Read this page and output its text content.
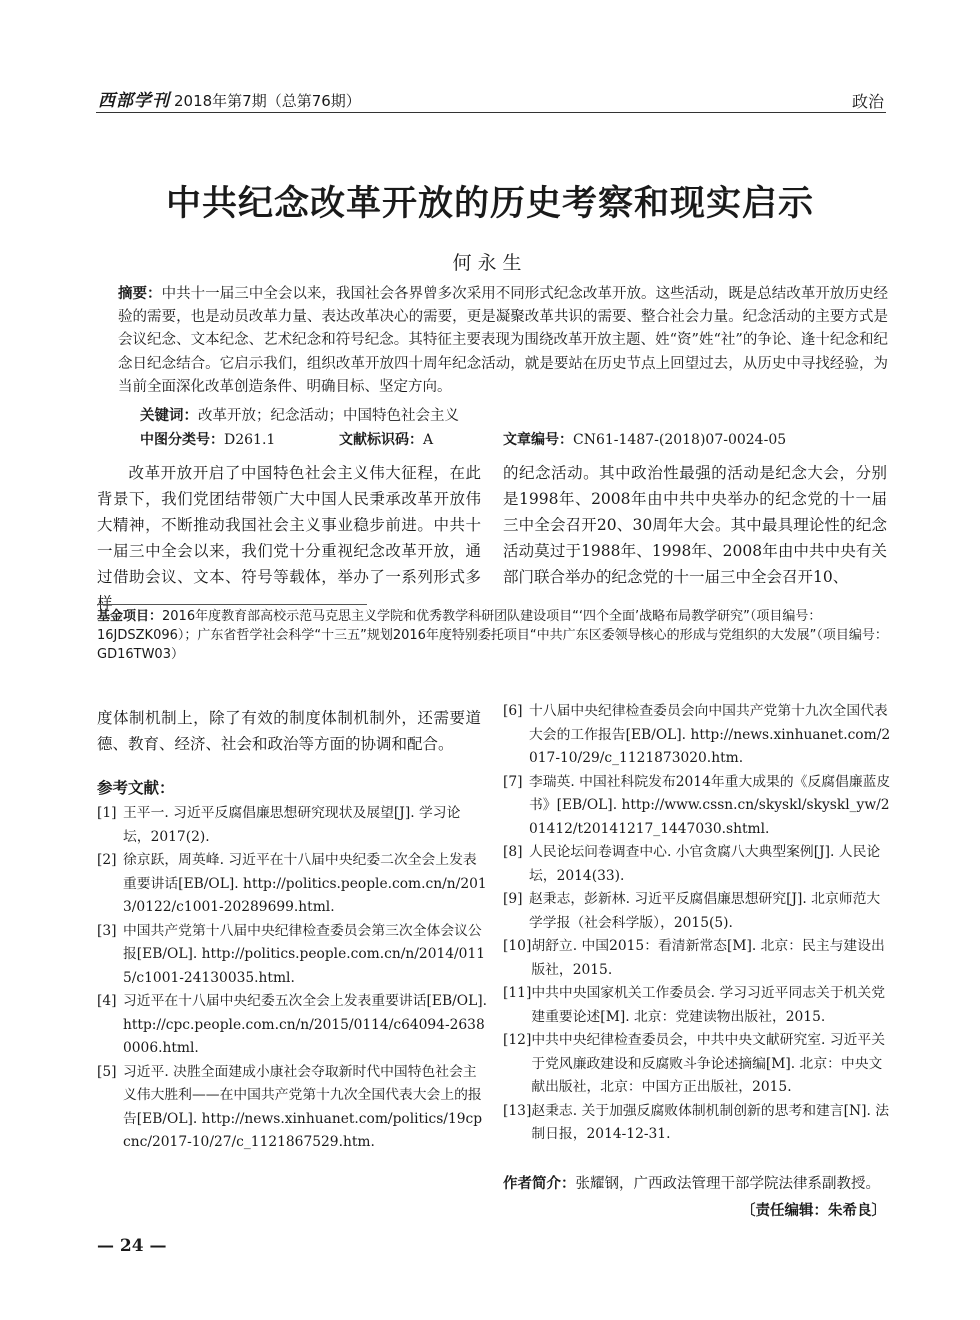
西部学刊 2018年第7期（总第76期）	政治
中共纪念改革开放的历史考察和现实启示
何永生
摘要：中共十一届三中全会以来，我国社会各界曾多次采用不同形式纪念改革开放。这些活动，既是总结改革开放历史经验的需要，也是动员改革力量、表达改革决心的需要，更是凝聚改革共识的需要、整合社会力量。纪念活动的主要方式是会议纪念、文本纪念、艺术纪念和符号纪念。其特征主要表现为围绕改革开放主题、姓“资”姓“社”的争论、逢十纪念和纪念日纪念结合。它启示我们，组织改革开放四十周年纪念活动，就是要站在历史节点上回望过去，从历史中寻找经验，为当前全面深化改革创造条件、明确目标、坚定方向。
关键词：改革开放；纪念活动；中国特色社会主义
中图分类号：D261.1	文献标识码：A	文章编号：CN61-1487-(2018)07-0024-05
改革开放开启了中国特色社会主义伟大征程，在此背景下，我们党团结带领广大中国人民秉承改革开放伟大精神，不断推动我国社会主义事业稳步前进。中共十一届三中全会以来，我们党十分重视纪念改革开放，通过借助会议、文本、符号等载体，举办了一系列形式多样
的纪念活动。其中政治性最强的活动是纪念大会，分别是1998年、2008年由中共中央举办的纪念党的十一届三中全会召开20、30周年大会。其中最具理论性的纪念活动莫过于1988年、1998年、2008年由中共中央有关部门联合举办的纪念党的十一届三中全会召开10、
基金项目：2016年度教育部高校示范马克思主义学院和优秀教学科研团队建设项目“‘四个全面’战略布局教学研究”（项目编号：16JDSZK096）；广东省哲学社会科学“十三五”规划2016年度特别委托项目“中共广东区委领导核心的形成与党组织的大发展”（项目编号：GD16TW03）
度体制机制上，除了有效的制度体制机制外，还需要道德、教育、经济、社会和政治等方面的协调和配合。
参考文献：
[1] 王平一. 习近平反腐倡廉思想研究现状及展望[J]. 学习论坛，2017(2).
[2] 徐京跃，周英峰. 习近平在十八届中央纪委二次全会上发表重要讲话[EB/OL]. http://politics.people.com.cn/n/2013/0122/c1001-20289699.html.
[3] 中国共产党第十八届中央纪律检查委员会第三次全体会议公报[EB/OL]. http://politics.people.com.cn/n/2014/0115/c1001-24130035.html.
[4] 习近平在十八届中央纪委五次全会上发表重要讲话[EB/OL]. http://cpc.people.com.cn/n/2015/0114/c64094-26380006.html.
[5] 习近平. 决胜全面建成小康社会夺取新时代中国特色社会主义伟大胜利——在中国共产党第十九次全国代表大会上的报告[EB/OL]. http://news.xinhuanet.com/politics/19cpcnc/2017-10/27/c_1121867529.htm.
[6] 十八届中央纪律检查委员会向中国共产党第十九次全国代表大会的工作报告[EB/OL]. http://news.xinhuanet.com/2017-10/29/c_1121873020.htm.
[7] 李瑞英. 中国社科院发布2014年重大成果的《反腐倡廉蓝皮书》[EB/OL]. http://www.cssn.cn/skyskl/skyskl_yw/201412/t20141217_1447030.shtml.
[8] 人民论坛问卷调查中心. 小官贪腐八大典型案例[J]. 人民论坛，2014(33).
[9] 赵秉志，彭新林. 习近平反腐倡廉思想研究[J]. 北京师范大学学报（社会科学版），2015(5).
[10] 胡舒立. 中国2015：看清新常态[M]. 北京：民主与建设出版社，2015.
[11] 中共中央国家机关工作委员会. 学习习近平同志关于机关党建重要论述[M]. 北京：党建读物出版社，2015.
[12] 中共中央纪律检查委员会，中共中央文献研究室. 习近平关于党风廉政建设和反腐败斗争论述摘编[M]. 北京：中央文献出版社，北京：中国方正出版社，2015.
[13] 赵秉志. 关于加强反腐败体制机制创新的思考和建言[N]. 法制日报，2014-12-31.
作者简介：张耀钢，广西政法管理干部学院法律系副教授。
〔责任编辑：朱希良〕
— 24 —
